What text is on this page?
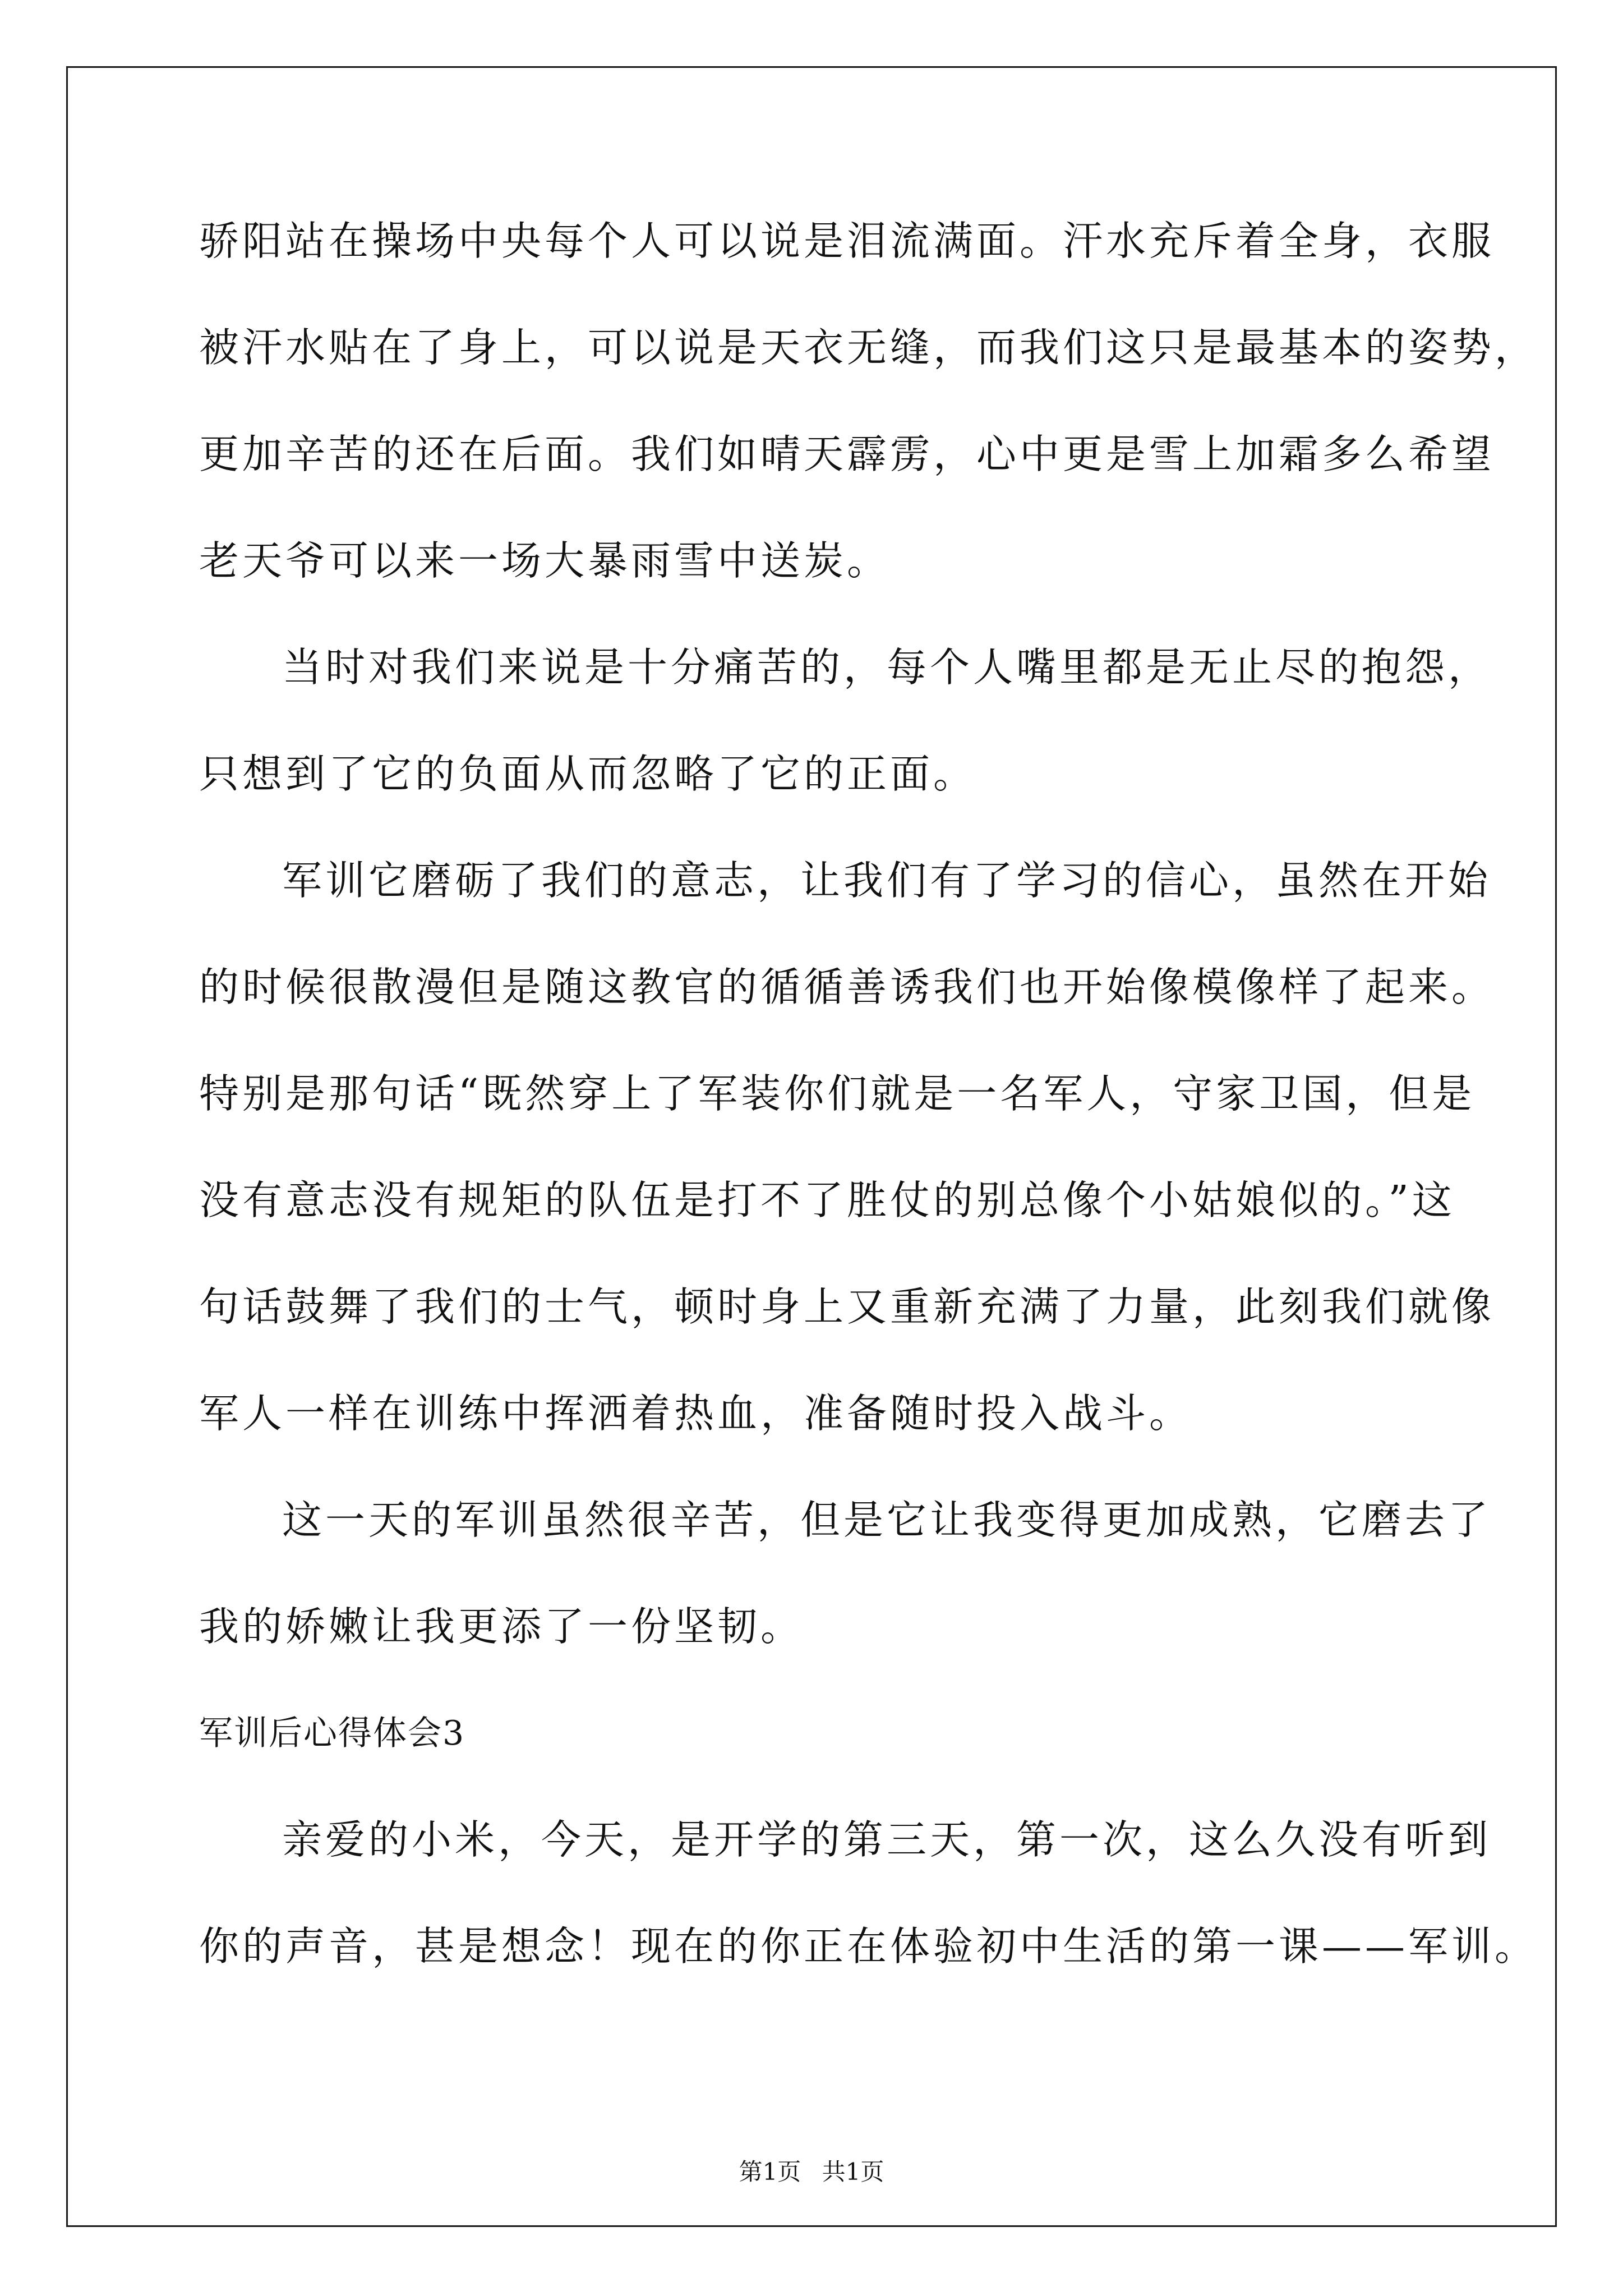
骄阳站在操场中央每个人可以说是泪流满面。汗水充斥着全身，衣服
被汗水贴在了身上，可以说是天衣无缝，而我们这只是最基本的姿势，
更加辛苦的还在后面。我们如晴天霹雳，心中更是雪上加霜多么希望
老天爷可以来一场大暴雨雪中送炭。
当时对我们来说是十分痛苦的，每个人嘴里都是无止尽的抱怨，
只想到了它的负面从而忽略了它的正面。
军训它磨砺了我们的意志，让我们有了学习的信心，虽然在开始
的时候很散漫但是随这教官的循循善诱我们也开始像模像样了起来。
特别是那句话“既然穿上了军装你们就是一名军人，守家卫国，但是
没有意志没有规矩的队伍是打不了胜仗的别总像个小姑娘似的。”这
句话鼓舞了我们的士气，顿时身上又重新充满了力量，此刻我们就像
军人一样在训练中挥洒着热血，准备随时投入战斗。
这一天的军训虽然很辛苦，但是它让我变得更加成熟，它磨去了
我的娇嫩让我更添了一份坚韧。
军训后心得体会3
亲爱的小米，今天，是开学的第三天，第一次，这么久没有听到
你的声音，甚是想念！现在的你正在体验初中生活的第一课——军训。
第1页 共1页
